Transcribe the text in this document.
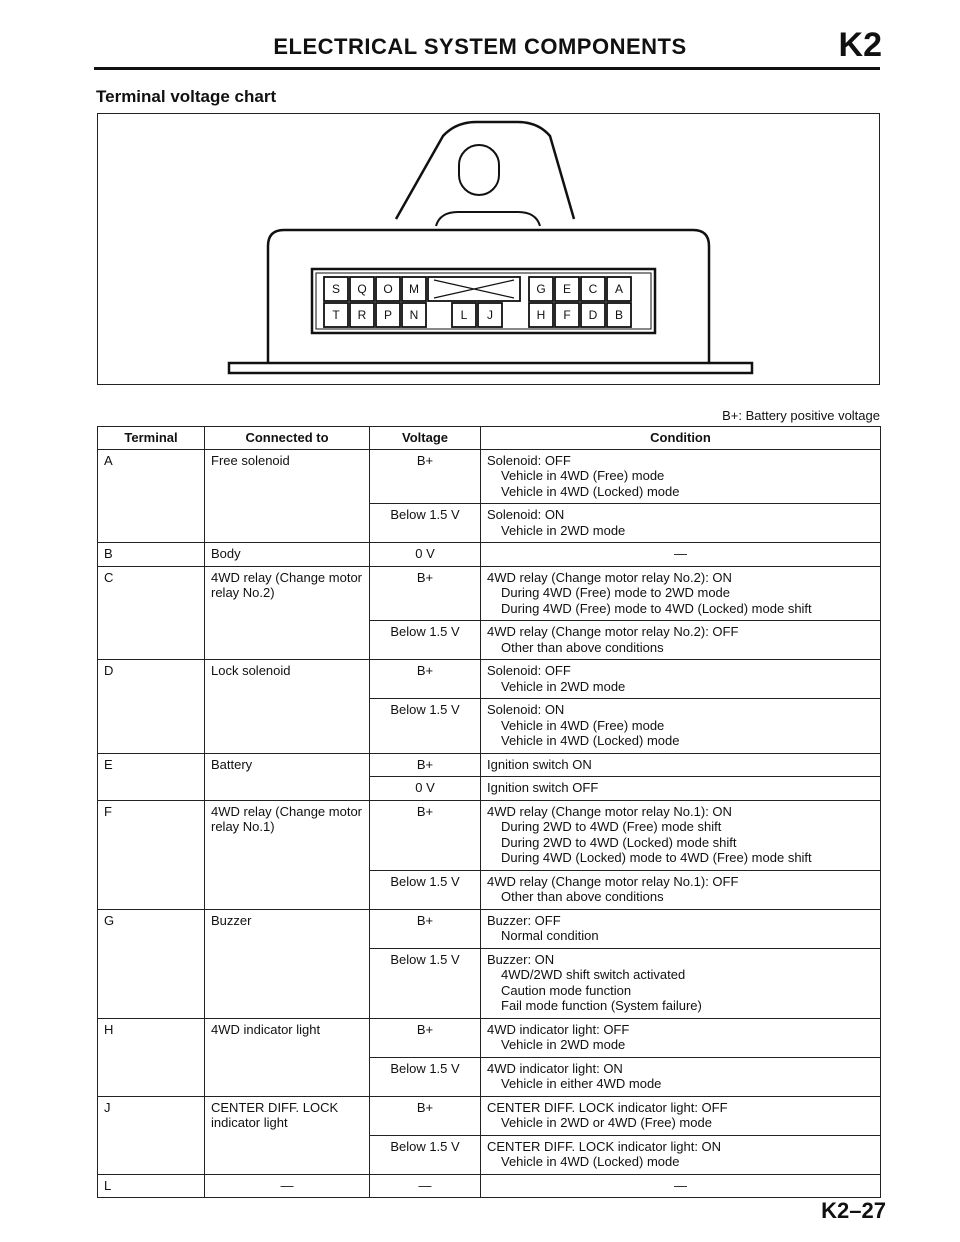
ELECTRICAL SYSTEM COMPONENTS	K2
Terminal voltage chart
S Q O M	G E C A
T R P N	L J	H F D B
B+: Battery positive voltage
Terminal	Connected to	Voltage	Condition
A	Free solenoid	B+	Solenoid: OFF
Vehicle in 4WD (Free) mode
Vehicle in 4WD (Locked) mode

		Below 1.5 V	Solenoid: ON
Vehicle in 2WD mode

B	Body	0 V	—

C	4WD relay (Change motor relay No.2)	B+	4WD relay (Change motor relay No.2): ON
During 4WD (Free) mode to 2WD mode
During 4WD (Free) mode to 4WD (Locked) mode shift

		Below 1.5 V	4WD relay (Change motor relay No.2): OFF
Other than above conditions

D	Lock solenoid	B+	Solenoid: OFF
Vehicle in 2WD mode

		Below 1.5 V	Solenoid: ON
Vehicle in 4WD (Free) mode
Vehicle in 4WD (Locked) mode

E	Battery	B+	Ignition switch ON

		0 V	Ignition switch OFF

F	4WD relay (Change motor relay No.1)	B+	4WD relay (Change motor relay No.1): ON
During 2WD to 4WD (Free) mode shift
During 2WD to 4WD (Locked) mode shift
During 4WD (Locked) mode to 4WD (Free) mode shift

		Below 1.5 V	4WD relay (Change motor relay No.1): OFF
Other than above conditions

G	Buzzer	B+	Buzzer: OFF
Normal condition

		Below 1.5 V	Buzzer: ON
4WD/2WD shift switch activated
Caution mode function
Fail mode function (System failure)

H	4WD indicator light	B+	4WD indicator light: OFF
Vehicle in 2WD mode

		Below 1.5 V	4WD indicator light: ON
Vehicle in either 4WD mode

J	CENTER DIFF. LOCK indicator light	B+	CENTER DIFF. LOCK indicator light: OFF
Vehicle in 2WD or 4WD (Free) mode

		Below 1.5 V	CENTER DIFF. LOCK indicator light: ON
Vehicle in 4WD (Locked) mode

L	—	—	—
K2–27
